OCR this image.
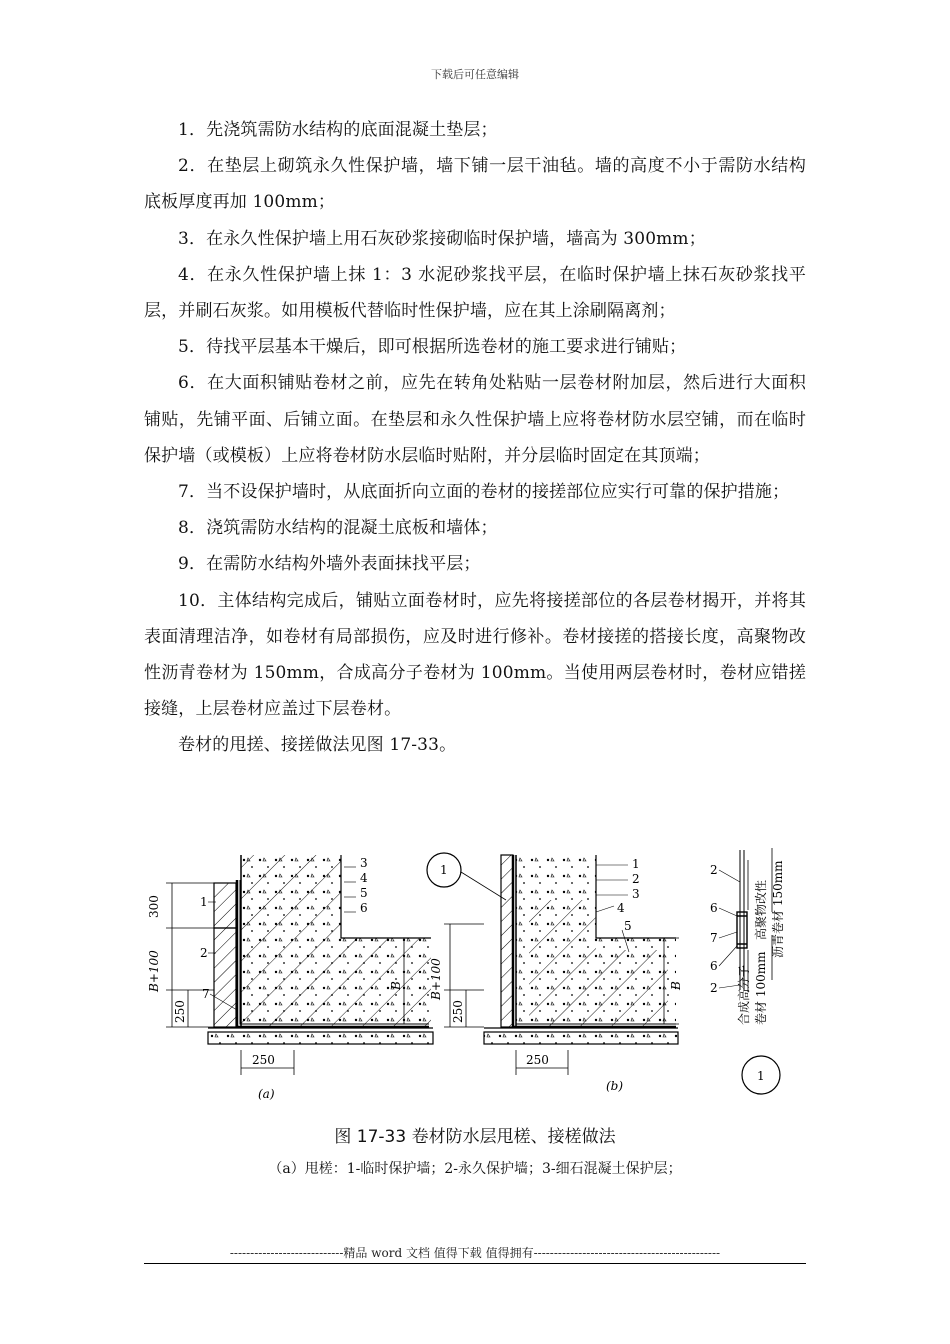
下载后可任意编辑

1．先浇筑需防水结构的底面混凝土垫层；

2．在垫层上砌筑永久性保护墙，墙下铺一层干油毡。墙的高度不小于需防水结构底板厚度再加 100mm；

3．在永久性保护墙上用石灰砂浆接砌临时保护墙，墙高为 300mm；

4．在永久性保护墙上抹 1：3 水泥砂浆找平层，在临时保护墙上抹石灰砂浆找平层，并刷石灰浆。如用模板代替临时性保护墙，应在其上涂刷隔离剂；

5．待找平层基本干燥后，即可根据所选卷材的施工要求进行铺贴；

6．在大面积铺贴卷材之前，应先在转角处粘贴一层卷材附加层，然后进行大面积铺贴，先铺平面、后铺立面。在垫层和永久性保护墙上应将卷材防水层空铺，而在临时保护墙（或模板）上应将卷材防水层临时贴附，并分层临时固定在其顶端；

7．当不设保护墙时，从底面折向立面的卷材的接搓部位应实行可靠的保护措施；

8．浇筑需防水结构的混凝土底板和墙体；

9．在需防水结构外墙外表面抹找平层；

10．主体结构完成后，铺贴立面卷材时，应先将接搓部位的各层卷材揭开，并将其表面清理洁净，如卷材有局部损伤，应及时进行修补。卷材接搓的搭接长度，高聚物改性沥青卷材为 150mm，合成高分子卷材为 100mm。当使用两层卷材时，卷材应错搓接缝，上层卷材应盖过下层卷材。

卷材的甩搓、接搓做法见图 17-33。

300
B+100
250
B
250
3
4
5
6
1
2
7
(a)
1
B+100
250
B
250
1
2
3
4
5
(b)
2
6
7
6
2
高聚物改性 沥青卷材 150mm
合成高分子 卷材 100mm
1
图 17-33 卷材防水层甩槎、接槎做法
（a）甩槎：1-临时保护墙；2-永久保护墙；3-细石混凝土保护层；
----------------------------精品 word 文档 值得下载 值得拥有----------------------------------------------
